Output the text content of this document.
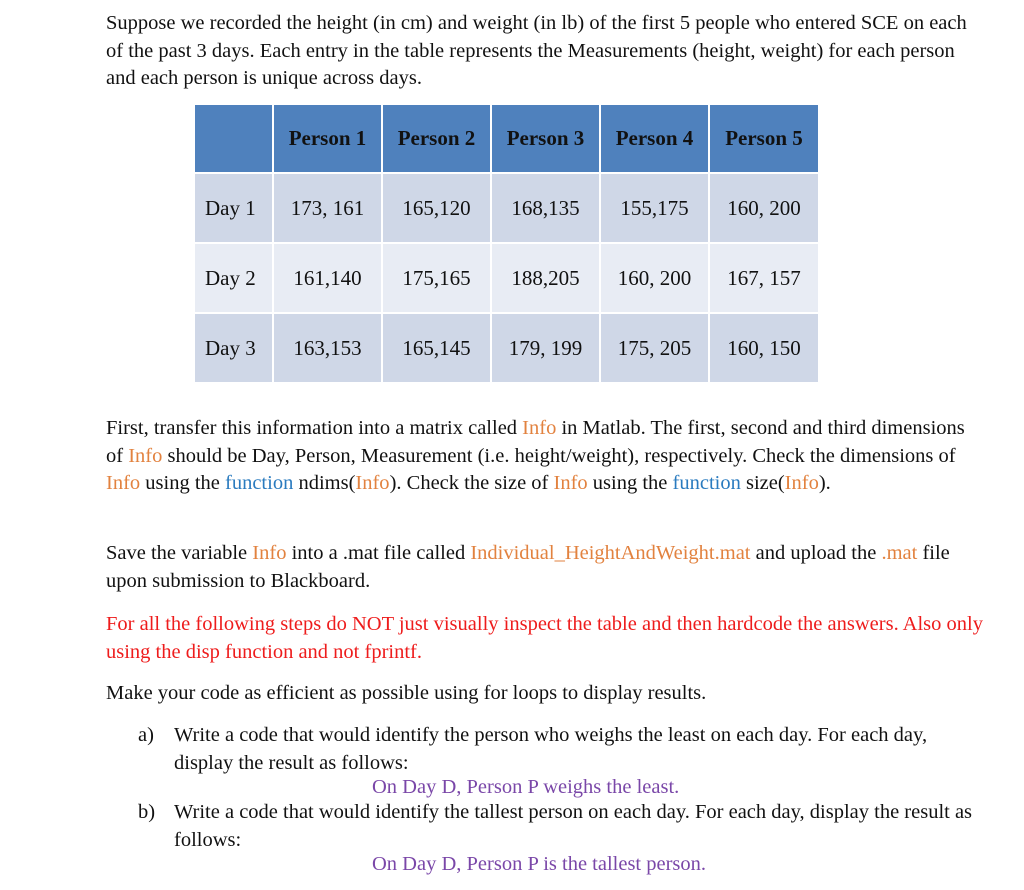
Suppose we recorded the height (in cm) and weight (in lb) of the first 5 people who entered SCE on each of the past 3 days. Each entry in the table represents the Measurements (height, weight) for each person and each person is unique across days.

	Person 1	Person 2	Person 3	Person 4	Person 5
Day 1	173, 161	165,120	168,135	155,175	160, 200
Day 2	161,140	175,165	188,205	160, 200	167, 157
Day 3	163,153	165,145	179, 199	175, 205	160, 150

First, transfer this information into a matrix called Info in Matlab. The first, second and third dimensions of Info should be Day, Person, Measurement (i.e. height/weight), respectively. Check the dimensions of Info using the function ndims(Info). Check the size of Info using the function size(Info).

Save the variable Info into a .mat file called Individual_HeightAndWeight.mat and upload the .mat file upon submission to Blackboard.

For all the following steps do NOT just visually inspect the table and then hardcode the answers. Also only using the disp function and not fprintf.

Make your code as efficient as possible using for loops to display results.

a) Write a code that would identify the person who weighs the least on each day. For each day, display the result as follows:
On Day D, Person P weighs the least.
b) Write a code that would identify the tallest person on each day. For each day, display the result as follows:
On Day D, Person P is the tallest person.
